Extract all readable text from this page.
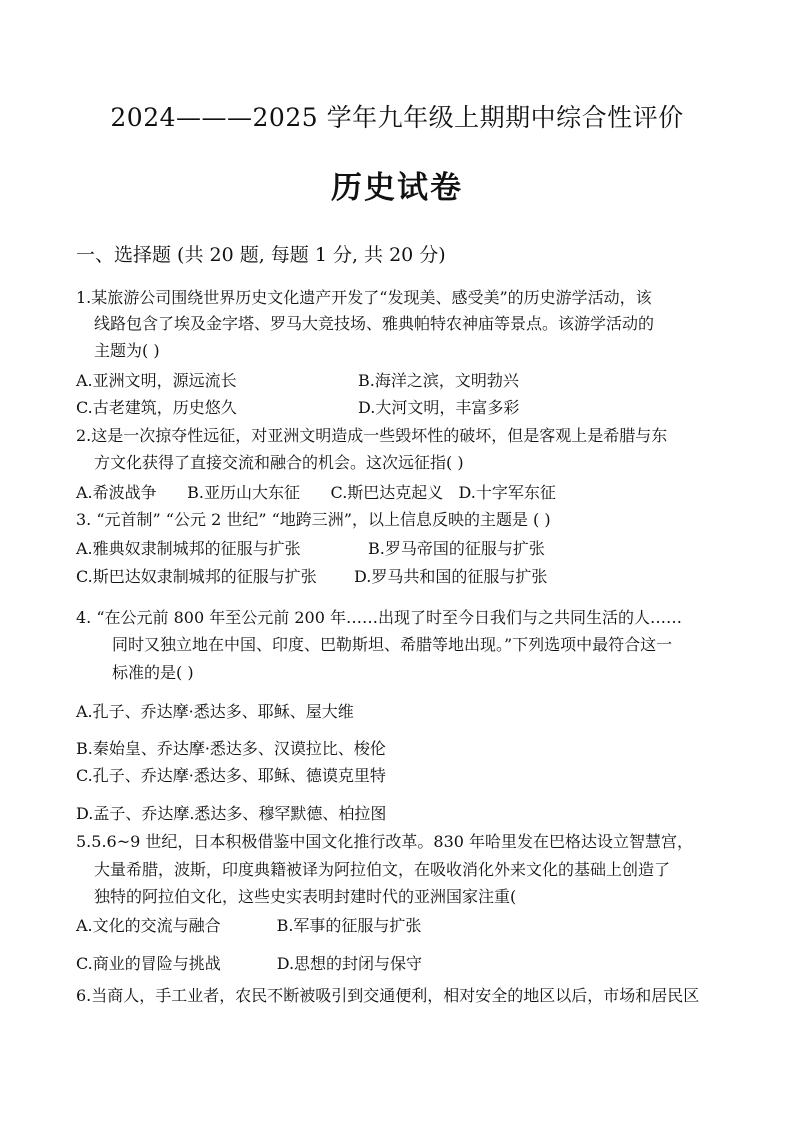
2024———2025 学年九年级上期期中综合性评价
历史试卷
一、选择题 (共 20 题, 每题 1 分, 共 20 分)
1.某旅游公司围绕世界历史文化遗产开发了“发现美、感受美”的历史游学活动，该
线路包含了埃及金字塔、罗马大竞技场、雅典帕特农神庙等景点。该游学活动的
主题为( )
A.亚洲文明，源远流长	B.海洋之滨，文明勃兴
C.古老建筑，历史悠久	D.大河文明，丰富多彩
2.这是一次掠夺性远征，对亚洲文明造成一些毁坏性的破坏，但是客观上是希腊与东
方文化获得了直接交流和融合的机会。这次远征指( )
A.希波战争      B.亚历山大东征      C.斯巴达克起义   D.十字军东征
3. “元首制” “公元 2 世纪” “地跨三洲”，以上信息反映的主题是 ( )
A.雅典奴隶制城邦的征服与扩张	B.罗马帝国的征服与扩张
C.斯巴达奴隶制城邦的征服与扩张 D.罗马共和国的征服与扩张
4. “在公元前 800 年至公元前 200 年……出现了时至今日我们与之共同生活的人……
同时又独立地在中国、印度、巴勒斯坦、希腊等地出现。”下列选项中最符合这一
标准的是( )
A.孔子、乔达摩·悉达多、耶稣、屋大维
B.秦始皇、乔达摩·悉达多、汉谟拉比、梭伦
C.孔子、乔达摩·悉达多、耶稣、德谟克里特
D.孟子、乔达摩.悉达多、穆罕默德、柏拉图
5.5.6~9 世纪，日本积极借鉴中国文化推行改革。830 年哈里发在巴格达设立智慧宫，
大量希腊，波斯，印度典籍被译为阿拉伯文，在吸收消化外来文化的基础上创造了
独特的阿拉伯文化，这些史实表明封建时代的亚洲国家注重(
A.文化的交流与融合           B.军事的征服与扩张
C.商业的冒险与挑战           D.思想的封闭与保守
6.当商人，手工业者，农民不断被吸引到交通便利，相对安全的地区以后，市场和居民区
